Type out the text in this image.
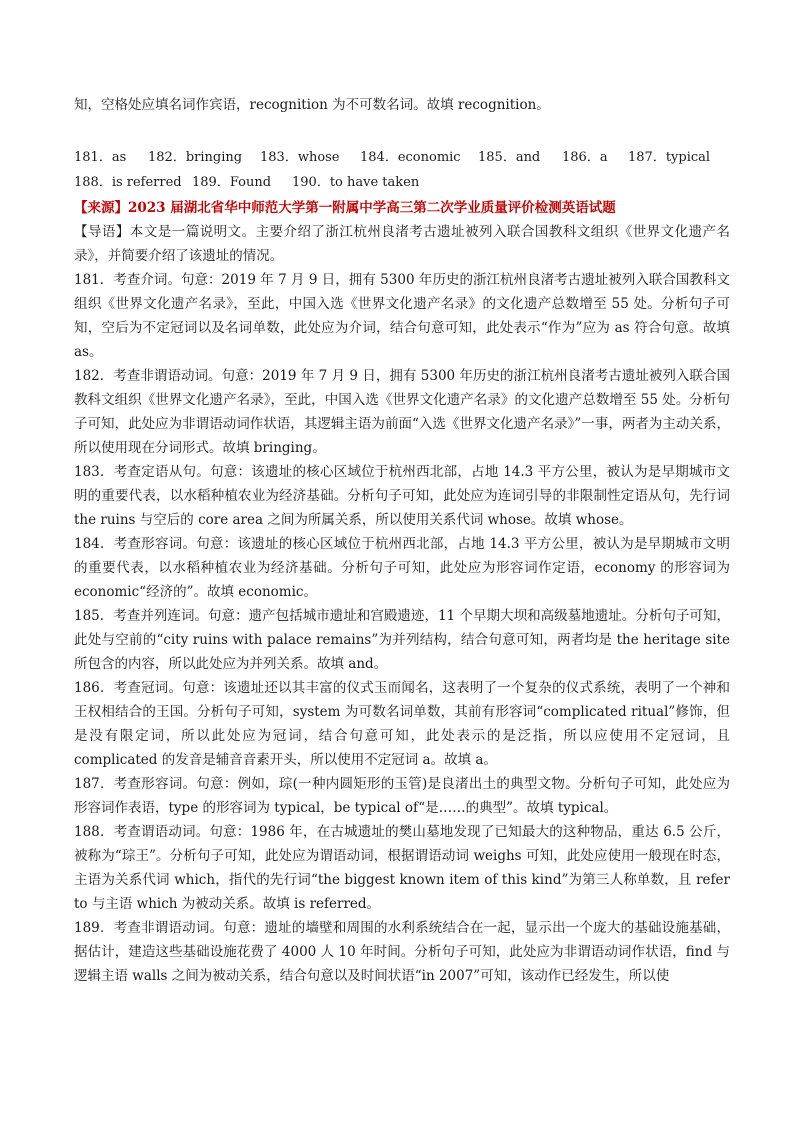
知，空格处应填名词作宾语，recognition 为不可数名词。故填 recognition。
181．as	182．bringing	183．whose	184．economic	185．and	186．a	187．typical
188．is referred 189．Found	190．to have taken
【来源】2023 届湖北省华中师范大学第一附属中学高三第二次学业质量评价检测英语试题

【导语】本文是一篇说明文。主要介绍了浙江杭州良渚考古遗址被列入联合国教科文组织《世界文化遗产名录》，并简要介绍了该遗址的情况。

181．考查介词。句意：2019 年 7 月 9 日，拥有 5300 年历史的浙江杭州良渚考古遗址被列入联合国教科文组织《世界文化遗产名录》，至此，中国入选《世界文化遗产名录》的文化遗产总数增至 55 处。分析句子可知，空后为不定冠词以及名词单数，此处应为介词，结合句意可知，此处表示“作为”应为 as 符合句意。故填 as。

182．考查非谓语动词。句意：2019 年 7 月 9 日，拥有 5300 年历史的浙江杭州良渚考古遗址被列入联合国教科文组织《世界文化遗产名录》，至此，中国入选《世界文化遗产名录》的文化遗产总数增至 55 处。分析句子可知，此处应为非谓语动词作状语，其逻辑主语为前面“入选《世界文化遗产名录》”一事，两者为主动关系，所以使用现在分词形式。故填 bringing。

183．考查定语从句。句意：该遗址的核心区域位于杭州西北部，占地 14.3 平方公里，被认为是早期城市文明的重要代表，以水稻种植农业为经济基础。分析句子可知，此处应为连词引导的非限制性定语从句，先行词 the ruins 与空后的 core area 之间为所属关系，所以使用关系代词 whose。故填 whose。

184．考查形容词。句意：该遗址的核心区域位于杭州西北部，占地 14.3 平方公里，被认为是早期城市文明的重要代表，以水稻种植农业为经济基础。分析句子可知，此处应为形容词作定语，economy 的形容词为 economic“经济的”。故填 economic。

185．考查并列连词。句意：遗产包括城市遗址和宫殿遗迹，11 个早期大坝和高级墓地遗址。分析句子可知，此处与空前的“city ruins with palace remains”为并列结构，结合句意可知，两者均是 the heritage site 所包含的内容，所以此处应为并列关系。故填 and。

186．考查冠词。句意：该遗址还以其丰富的仪式玉而闻名，这表明了一个复杂的仪式系统，表明了一个神和王权相结合的王国。分析句子可知，system 为可数名词单数，其前有形容词“complicated ritual”修饰，但是没有限定词，所以此处应为冠词，结合句意可知，此处表示的是泛指，所以应使用不定冠词，且 complicated 的发音是辅音音素开头，所以使用不定冠词 a。故填 a。

187．考查形容词。句意：例如，琮(一种内圆矩形的玉管)是良渚出土的典型文物。分析句子可知，此处应为形容词作表语，type 的形容词为 typical，be typical of“是……的典型”。故填 typical。

188．考查谓语动词。句意：1986 年，在古城遗址的樊山墓地发现了已知最大的这种物品，重达 6.5 公斤，被称为“琮王”。分析句子可知，此处应为谓语动词，根据谓语动词 weighs 可知，此处应使用一般现在时态，主语为关系代词 which，指代的先行词“the biggest known item of this kind”为第三人称单数，且 refer to 与主语 which 为被动关系。故填 is referred。

189．考查非谓语动词。句意：遗址的墙壁和周围的水利系统结合在一起，显示出一个庞大的基础设施基础，据估计，建造这些基础设施花费了 4000 人 10 年时间。分析句子可知，此处应为非谓语动词作状语，find 与逻辑主语 walls 之间为被动关系，结合句意以及时间状语“in 2007”可知，该动作已经发生，所以使
